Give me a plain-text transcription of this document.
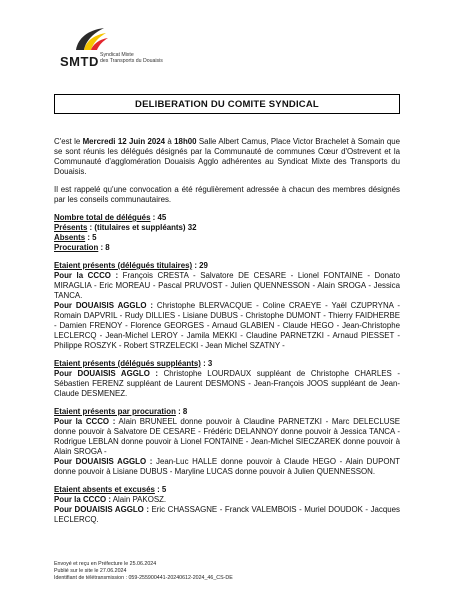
SMTD Syndicat Mixte
des Transports du Douaisis
DELIBERATION DU COMITE SYNDICAL

C'est le Mercredi 12 Juin 2024 à 18h00 Salle Albert Camus, Place Victor Brachelet à Somain que se sont réunis les délégués désignés par la Communauté de communes Cœur d'Ostrevent et la Communauté d'agglomération Douaisis Agglo adhérentes au Syndicat Mixte des Transports du Douaisis.

Il est rappelé qu'une convocation a été régulièrement adressée à chacun des membres désignés par les conseils communautaires.

Nombre total de délégués : 45

Présents : (titulaires et suppléants) 32

Absents : 5

Procuration : 8

Etaient présents (délégués titulaires) : 29

Pour la CCCO : François CRESTA - Salvatore DE CESARE - Lionel FONTAINE - Donato MIRAGLIA - Eric MOREAU - Pascal PRUVOST - Julien QUENNESSON - Alain SROGA - Jessica TANCA.

Pour DOUAISIS AGGLO : Christophe BLERVACQUE - Coline CRAEYE - Yaël CZUPRYNA - Romain DAPVRIL - Rudy DILLIES - Lisiane DUBUS - Christophe DUMONT - Thierry FAIDHERBE - Damien FRENOY - Florence GEORGES - Arnaud GLABIEN - Claude HEGO - Jean-Christophe LECLERCQ - Jean-Michel LEROY - Jamila MEKKI - Claudine PARNETZKI - Arnaud PIESSET - Philippe ROSZYK - Robert STRZELECKI - Jean Michel SZATNY -

Etaient présents (délégués suppléants) : 3

Pour DOUAISIS AGGLO : Christophe LOURDAUX suppléant de Christophe CHARLES - Sébastien FERENZ suppléant de Laurent DESMONS - Jean-François JOOS suppléant de Jean-Claude DESMENEZ.

Etaient présents par procuration : 8

Pour la CCCO : Alain BRUNEEL donne pouvoir à Claudine PARNETZKI - Marc DELECLUSE donne pouvoir à Salvatore DE CESARE - Frédéric DELANNOY donne pouvoir à Jessica TANCA - Rodrigue LEBLAN donne pouvoir à Lionel FONTAINE - Jean-Michel SIECZAREK donne pouvoir à Alain SROGA -

Pour DOUAISIS AGGLO : Jean-Luc HALLE donne pouvoir à Claude HEGO - Alain DUPONT donne pouvoir à Lisiane DUBUS - Maryline LUCAS donne pouvoir à Julien QUENNESSON.

Etaient absents et excusés : 5

Pour la CCCO : Alain PAKOSZ.

Pour DOUAISIS AGGLO : Eric CHASSAGNE - Franck VALEMBOIS - Muriel DOUDOK - Jacques LECLERCQ.

Envoyé et reçu en Préfecture le 25.06.2024
Publié sur le site le 27.06.2024
Identifiant de télétransmission : 059-255900441-20240612-2024_46_CS-DE
